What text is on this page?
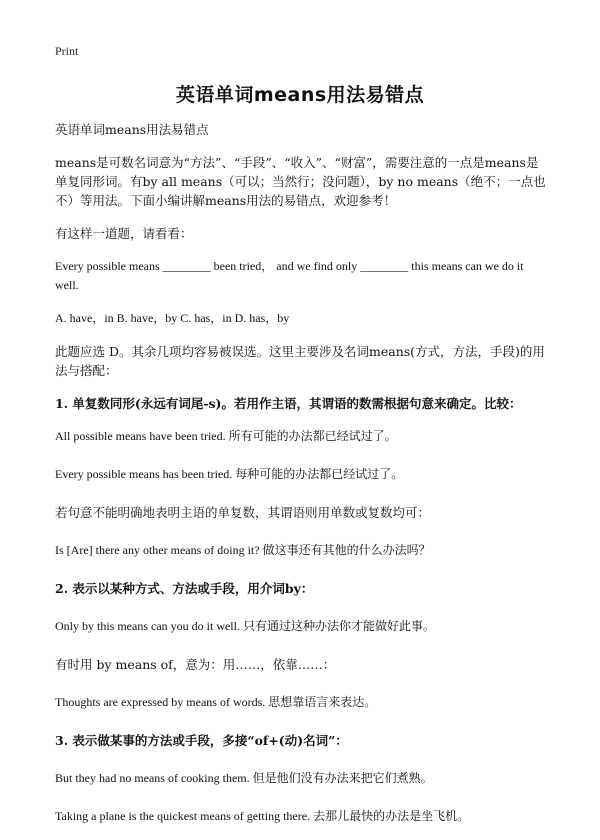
Print
英语单词means用法易错点

英语单词means用法易错点

means是可数名词意为“方法”、“手段”、“收入”、“财富”，需要注意的一点是means是单复同形词。有by all means（可以；当然行；没问题），by no means（绝不；一点也不）等用法。下面小编讲解means用法的易错点，欢迎参考！

有这样一道题，请看看：

Every possible means ________ been tried， and we find only ________ this means can we do it well.

A. have，in B. have，by C. has，in D. has，by

此题应选 D。其余几项均容易被误选。这里主要涉及名词means(方式，方法，手段)的用法与搭配：

1. 单复数同形(永远有词尾-s)。若用作主语，其谓语的数需根据句意来确定。比较：

All possible means have been tried. 所有可能的办法都已经试过了。

Every possible means has been tried. 每种可能的办法都已经试过了。

若句意不能明确地表明主语的单复数，其谓语则用单数或复数均可：

Is [Are] there any other means of doing it? 做这事还有其他的什么办法吗？

2. 表示以某种方式、方法或手段，用介词by：

Only by this means can you do it well. 只有通过这种办法你才能做好此事。

有时用 by means of，意为：用……，依靠……：

Thoughts are expressed by means of words. 思想靠语言来表达。

3. 表示做某事的方法或手段，多接“of+(动)名词”：

But they had no means of cooking them. 但是他们没有办法来把它们煮熟。

Taking a plane is the quickest means of getting there. 去那儿最快的办法是坐飞机。
